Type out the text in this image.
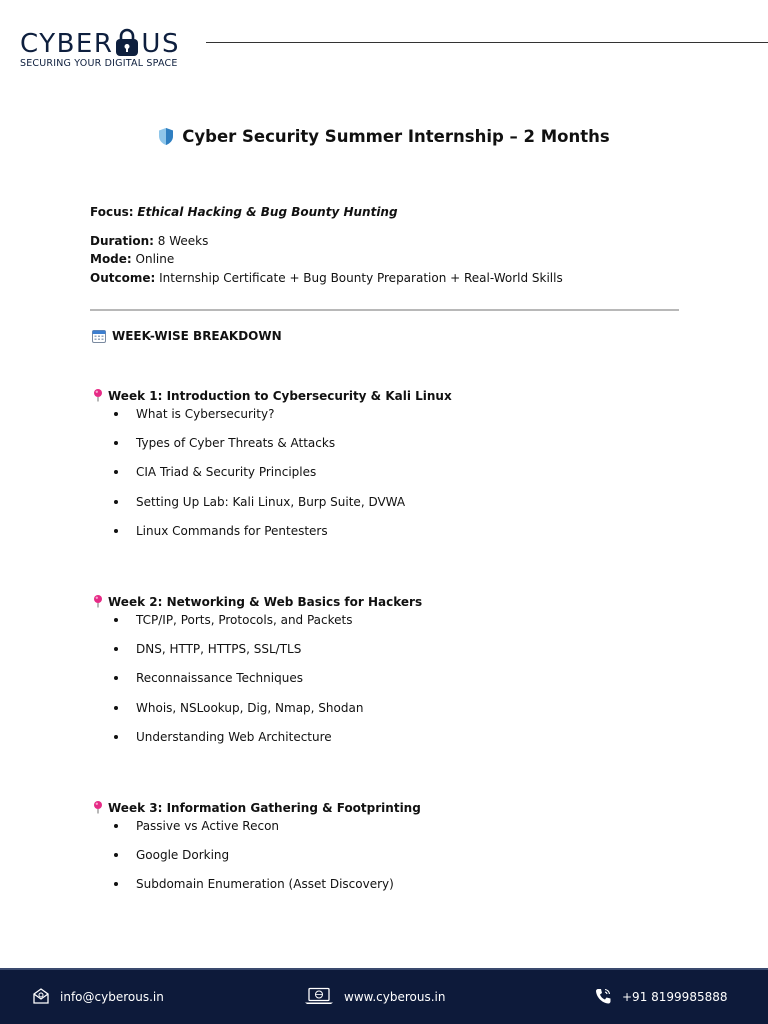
CYBER US
SECURING YOUR DIGITAL SPACE
Cyber Security Summer Internship – 2 Months
Focus: Ethical Hacking & Bug Bounty Hunting
Duration: 8 Weeks
Mode: Online
Outcome: Internship Certificate + Bug Bounty Preparation + Real-World Skills
WEEK-WISE BREAKDOWN
Week 1: Introduction to Cybersecurity & Kali Linux
What is Cybersecurity?
Types of Cyber Threats & Attacks
CIA Triad & Security Principles
Setting Up Lab: Kali Linux, Burp Suite, DVWA
Linux Commands for Pentesters
Week 2: Networking & Web Basics for Hackers
TCP/IP, Ports, Protocols, and Packets
DNS, HTTP, HTTPS, SSL/TLS
Reconnaissance Techniques
Whois, NSLookup, Dig, Nmap, Shodan
Understanding Web Architecture
Week 3: Information Gathering & Footprinting
Passive vs Active Recon
Google Dorking
Subdomain Enumeration (Asset Discovery)
info@cyberous.in	www.cyberous.in	+91 8199985888
